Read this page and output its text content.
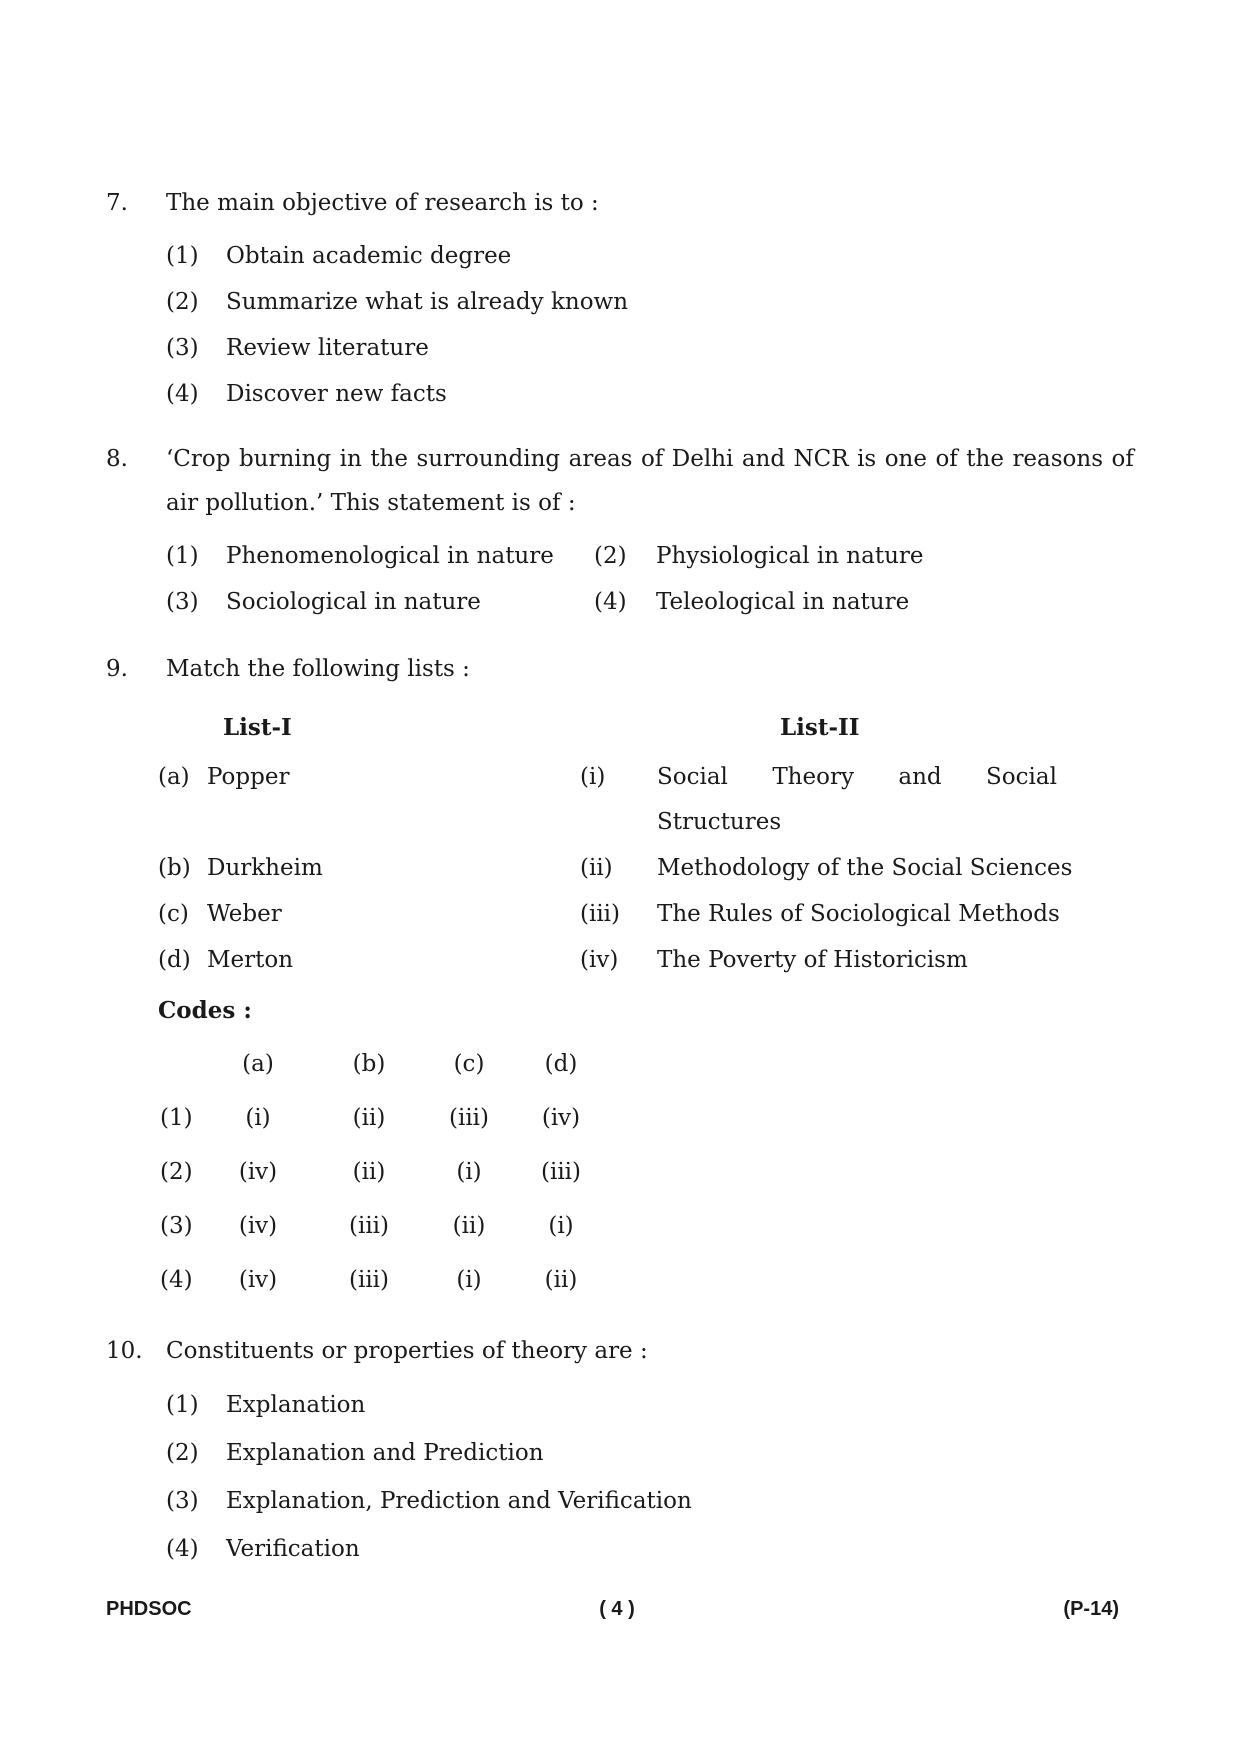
7. The main objective of research is to :
(1) Obtain academic degree
(2) Summarize what is already known
(3) Review literature
(4) Discover new facts
8. ‘Crop burning in the surrounding areas of Delhi and NCR is one of the reasons of
air pollution.’ This statement is of :
(1) Phenomenological in nature (2) Physiological in nature
(3) Sociological in nature	(4) Teleological in nature
9. Match the following lists :
List-I	List-II
(a) Popper	(i) Social Theory and Social
Structures
(b) Durkheim	(ii) Methodology of the Social Sciences
(c) Weber	(iii) The Rules of Sociological Methods
(d) Merton	(iv) The Poverty of Historicism
Codes :
(a)	(b)	(c)	(d)
(1) (i)	(ii)	(iii) (iv)
(2) (iv)	(ii)	(i)	(iii)
(3) (iv)	(iii)	(ii)	(i)
(4) (iv)	(iii)	(i)	(ii)
10. Constituents or properties of theory are :
(1) Explanation
(2) Explanation and Prediction
(3) Explanation, Prediction and Verification
(4) Verification
PHDSOC	( 4 )	(P-14)
